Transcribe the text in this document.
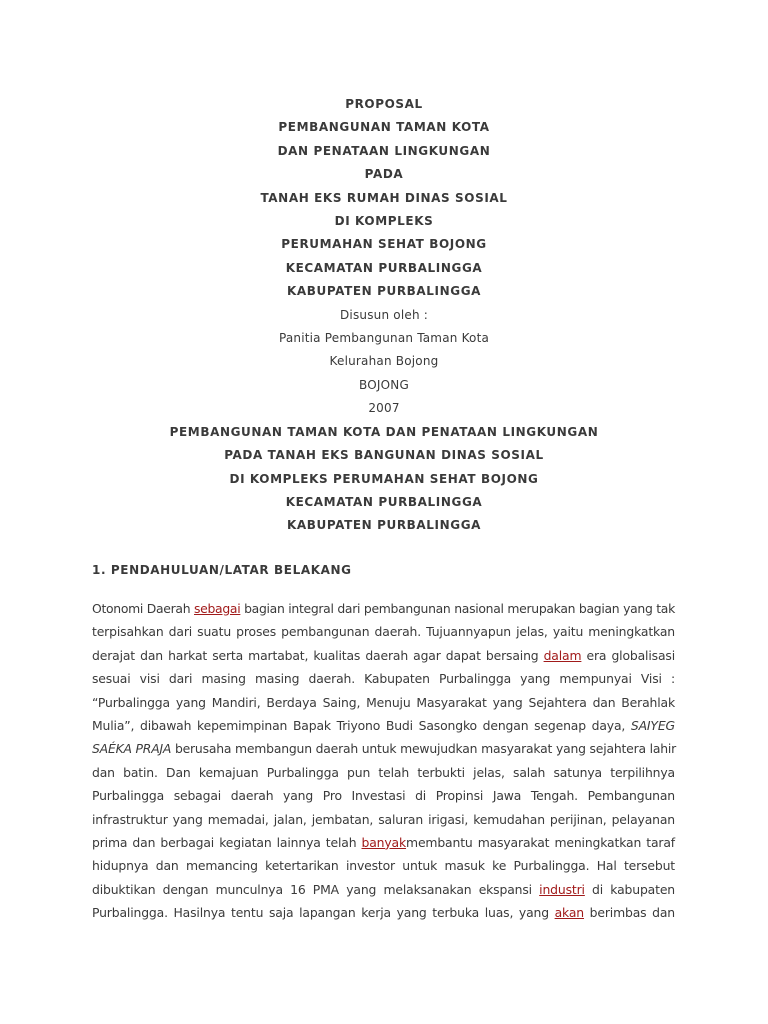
PROPOSAL
PEMBANGUNAN TAMAN KOTA
DAN PENATAAN LINGKUNGAN
PADA
TANAH EKS RUMAH DINAS SOSIAL
DI KOMPLEKS
PERUMAHAN SEHAT BOJONG
KECAMATAN PURBALINGGA
KABUPATEN PURBALINGGA
Disusun oleh :
Panitia Pembangunan Taman Kota
Kelurahan Bojong
BOJONG
2007
PEMBANGUNAN TAMAN KOTA DAN PENATAAN LINGKUNGAN
PADA TANAH EKS BANGUNAN DINAS SOSIAL
DI KOMPLEKS PERUMAHAN SEHAT BOJONG
KECAMATAN PURBALINGGA
KABUPATEN PURBALINGGA
1. PENDAHULUAN/LATAR BELAKANG
Otonomi Daerah sebagai bagian integral dari pembangunan nasional merupakan bagian yang tak
terpisahkan dari suatu proses pembangunan daerah. Tujuannyapun jelas, yaitu meningkatkan
derajat dan harkat serta martabat, kualitas daerah agar dapat bersaing dalam era globalisasi
sesuai visi dari masing masing daerah. Kabupaten Purbalingga yang mempunyai Visi :
“Purbalingga yang Mandiri, Berdaya Saing, Menuju Masyarakat yang Sejahtera dan Berahlak
Mulia”, dibawah kepemimpinan Bapak Triyono Budi Sasongko dengan segenap daya, SAIYEG
SAÉKA PRAJA berusaha membangun daerah untuk mewujudkan masyarakat yang sejahtera lahir
dan batin. Dan kemajuan Purbalingga pun telah terbukti jelas, salah satunya terpilihnya
Purbalingga sebagai daerah yang Pro Investasi di Propinsi Jawa Tengah. Pembangunan
infrastruktur yang memadai, jalan, jembatan, saluran irigasi, kemudahan perijinan, pelayanan
prima dan berbagai kegiatan lainnya telah banyakmembantu masyarakat meningkatkan taraf
hidupnya dan memancing ketertarikan investor untuk masuk ke Purbalingga. Hal tersebut
dibuktikan dengan munculnya 16 PMA yang melaksanakan ekspansi industri di kabupaten
Purbalingga. Hasilnya tentu saja lapangan kerja yang terbuka luas, yang akan berimbas dan
